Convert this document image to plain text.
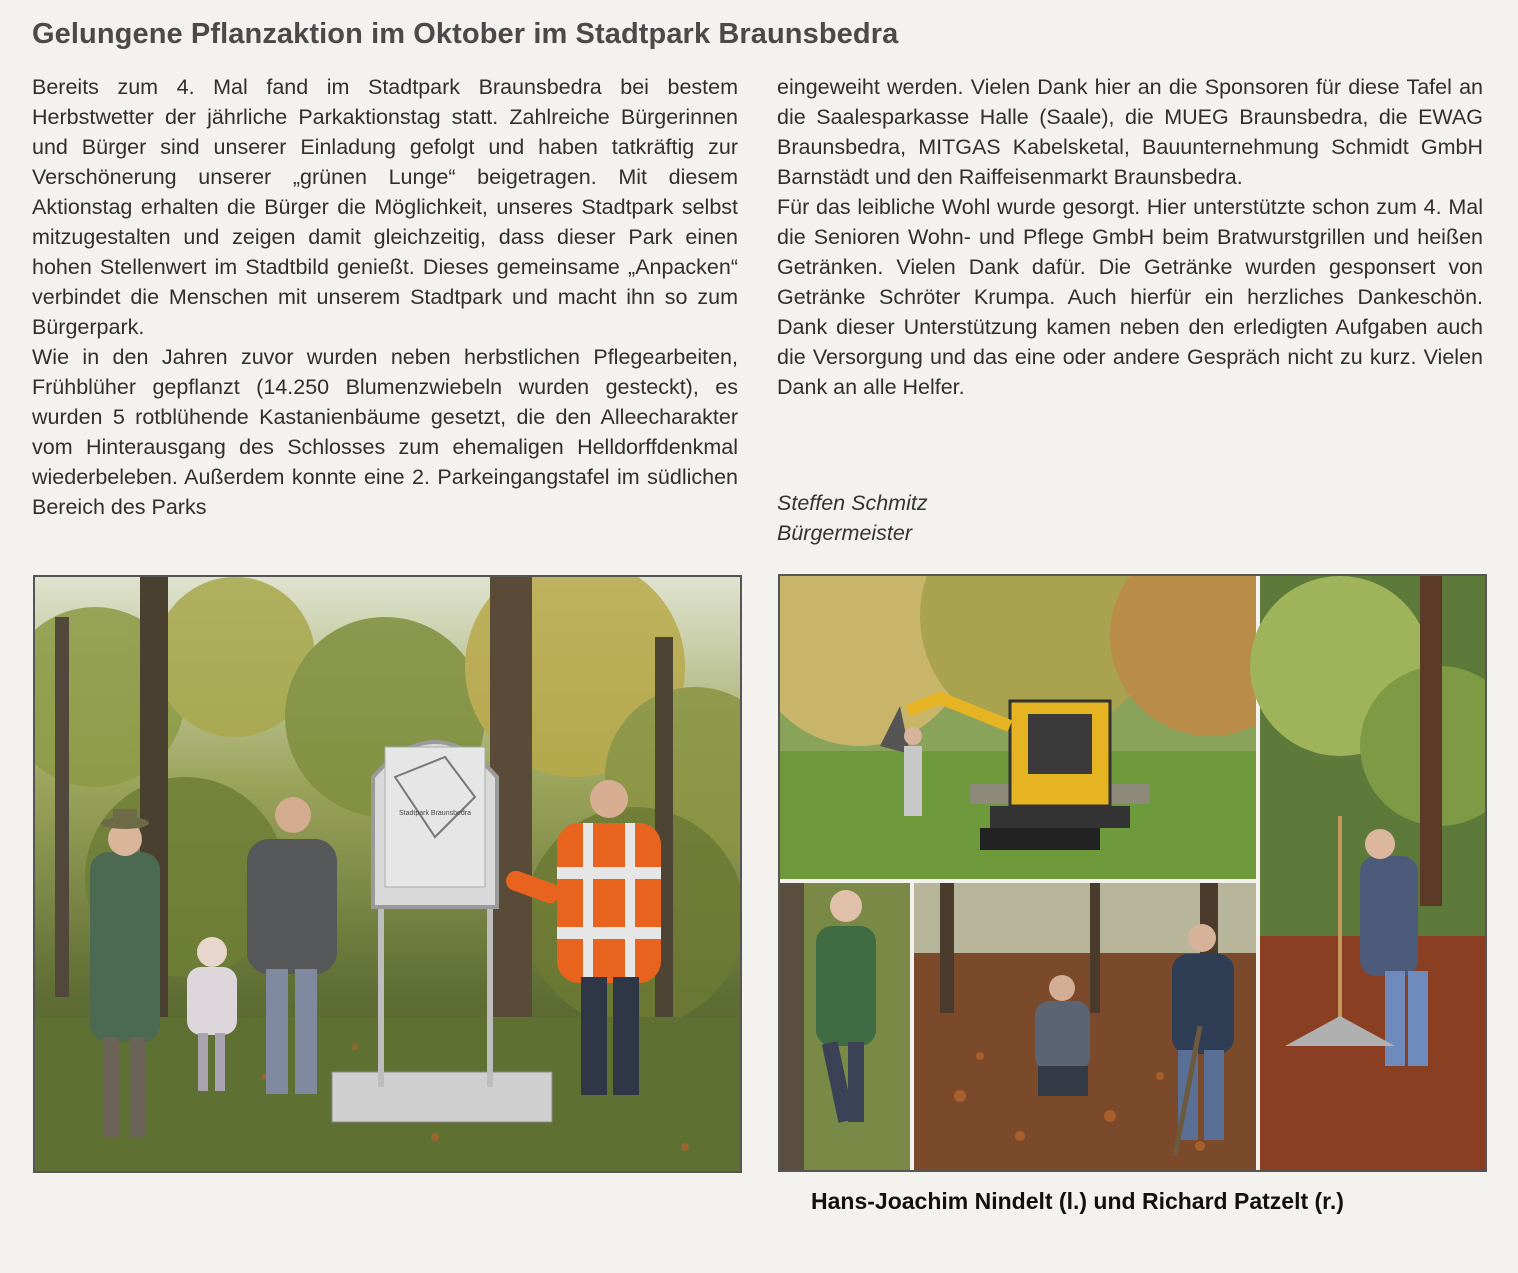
Gelungene Pflanzaktion im Oktober im Stadtpark Braunsbedra

Bereits zum 4. Mal fand im Stadtpark Braunsbedra bei bestem Herbstwetter der jährliche Parkaktionstag statt. Zahlreiche Bürgerinnen und Bürger sind unserer Einladung gefolgt und haben tatkräftig zur Verschönerung unserer „grünen Lunge“ beigetragen. Mit diesem Aktionstag erhalten die Bürger die Möglichkeit, unseres Stadtpark selbst mitzugestalten und zeigen damit gleichzeitig, dass dieser Park einen hohen Stellenwert im Stadtbild genießt. Dieses gemeinsame „Anpacken“ verbindet die Menschen mit unserem Stadtpark und macht ihn so zum Bürgerpark.

Wie in den Jahren zuvor wurden neben herbstlichen Pflegearbeiten, Frühblüher gepflanzt (14.250 Blumenzwiebeln wurden gesteckt), es wurden 5 rotblühende Kastanienbäume gesetzt, die den Alleecharakter vom Hinterausgang des Schlosses zum ehemaligen Helldorffdenkmal wiederbeleben. Außerdem konnte eine 2. Parkeingangstafel im südlichen Bereich des Parks

eingeweiht werden. Vielen Dank hier an die Sponsoren für diese Tafel an die Saalesparkasse Halle (Saale), die MUEG Braunsbedra, die EWAG Braunsbedra, MITGAS Kabelsketal, Bauunternehmung Schmidt GmbH Barnstädt und den Raiffeisenmarkt Braunsbedra.

Für das leibliche Wohl wurde gesorgt. Hier unterstützte schon zum 4. Mal die Senioren Wohn- und Pflege GmbH beim Bratwurstgrillen und heißen Getränken. Vielen Dank dafür. Die Getränke wurden gesponsert von Getränke Schröter Krumpa. Auch hierfür ein herzliches Dankeschön. Dank dieser Unterstützung kamen neben den erledigten Aufgaben auch die Versorgung und das eine oder andere Gespräch nicht zu kurz. Vielen Dank an alle Helfer.

Steffen Schmitz
Bürgermeister
Stadtpark Braunsbedra
Hans-Joachim Nindelt (l.) und Richard Patzelt (r.)
